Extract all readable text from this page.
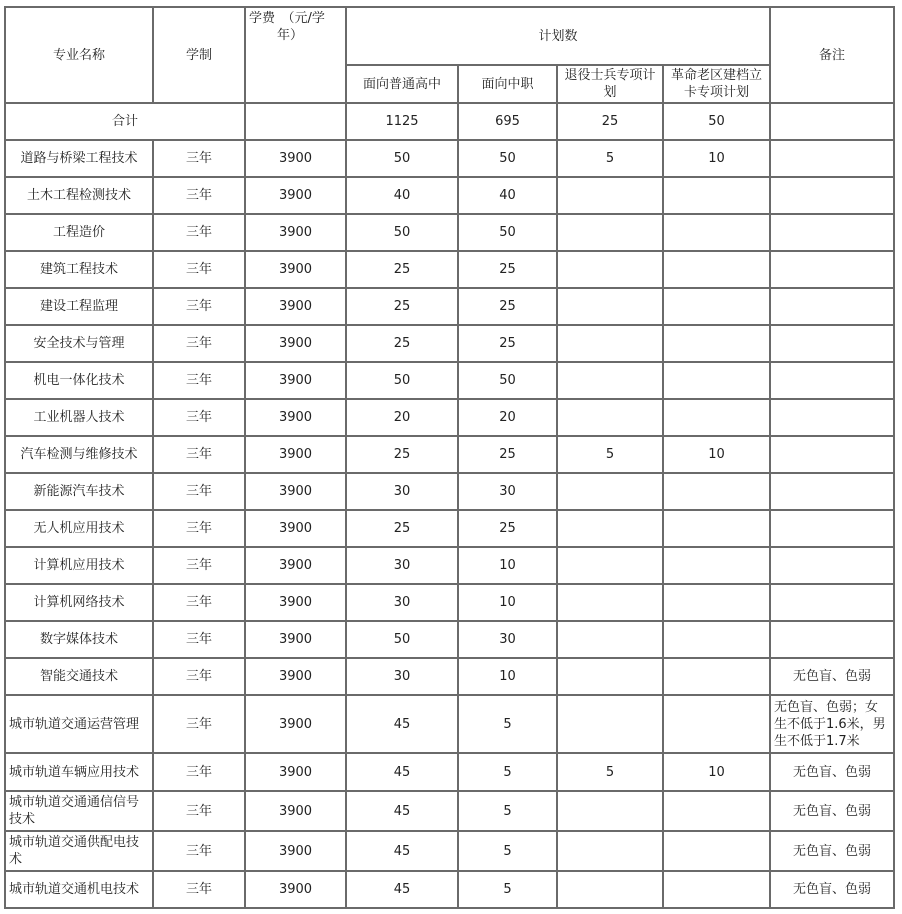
专业名称	学制	学费　（元/学
年）	计划数				备注
			面向普通高中	面向中职	退役士兵专项计划	革命老区建档立卡专项计划	
合计			1125	695	25	50	
道路与桥梁工程技术	三年	3900	50	50	5	10	
土木工程检测技术	三年	3900	40	40			
工程造价	三年	3900	50	50			
建筑工程技术	三年	3900	25	25			
建设工程监理	三年	3900	25	25			
安全技术与管理	三年	3900	25	25			
机电一体化技术	三年	3900	50	50			
工业机器人技术	三年	3900	20	20			
汽车检测与维修技术	三年	3900	25	25	5	10	
新能源汽车技术	三年	3900	30	30			
无人机应用技术	三年	3900	25	25			
计算机应用技术	三年	3900	30	10			
计算机网络技术	三年	3900	30	10			
数字媒体技术	三年	3900	50	30			
智能交通技术	三年	3900	30	10			无色盲、色弱
城市轨道交通运营管理	三年	3900	45	5			无色盲、色弱；女生不低于1.6米，男生不低于1.7米
城市轨道车辆应用技术	三年	3900	45	5	5	10	无色盲、色弱
城市轨道交通通信信号技术	三年	3900	45	5			无色盲、色弱
城市轨道交通供配电技术	三年	3900	45	5			无色盲、色弱
城市轨道交通机电技术	三年	3900	45	5			无色盲、色弱
